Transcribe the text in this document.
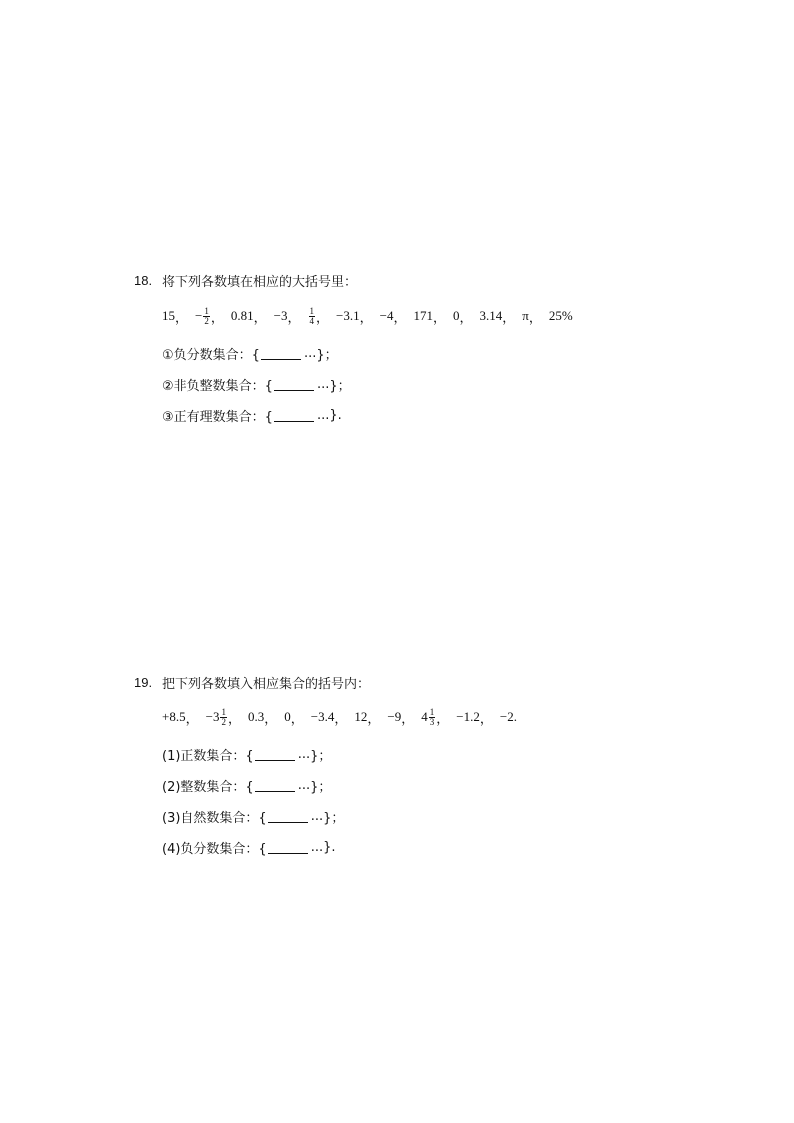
18. 将下列各数填在相应的大括号里：
15 ， − $\frac{1}{2}$ ， 0.81 ， −3 ， $\frac{1}{4}$ ， −3.1 ， −4 ， 171 ， 0 ， 3.14 ， π ， 25%
①负分数集合：{	... }；
②非负整数集合：{	... }；
③正有理数集合：{	... }.
19. 把下列各数填入相应集合的括号内：
+8.5 ， − $3 \frac{1}{2}$ ， 0.3 ， 0 ， −3.4 ， 12 ， −9 ， $4 \frac{1}{3}$ ， −1.2 ， −2 .
(1)正数集合：{	... }；
(2)整数集合：{	... }；
(3)自然数集合：{	... }；
(4)负分数集合：{	... }.
